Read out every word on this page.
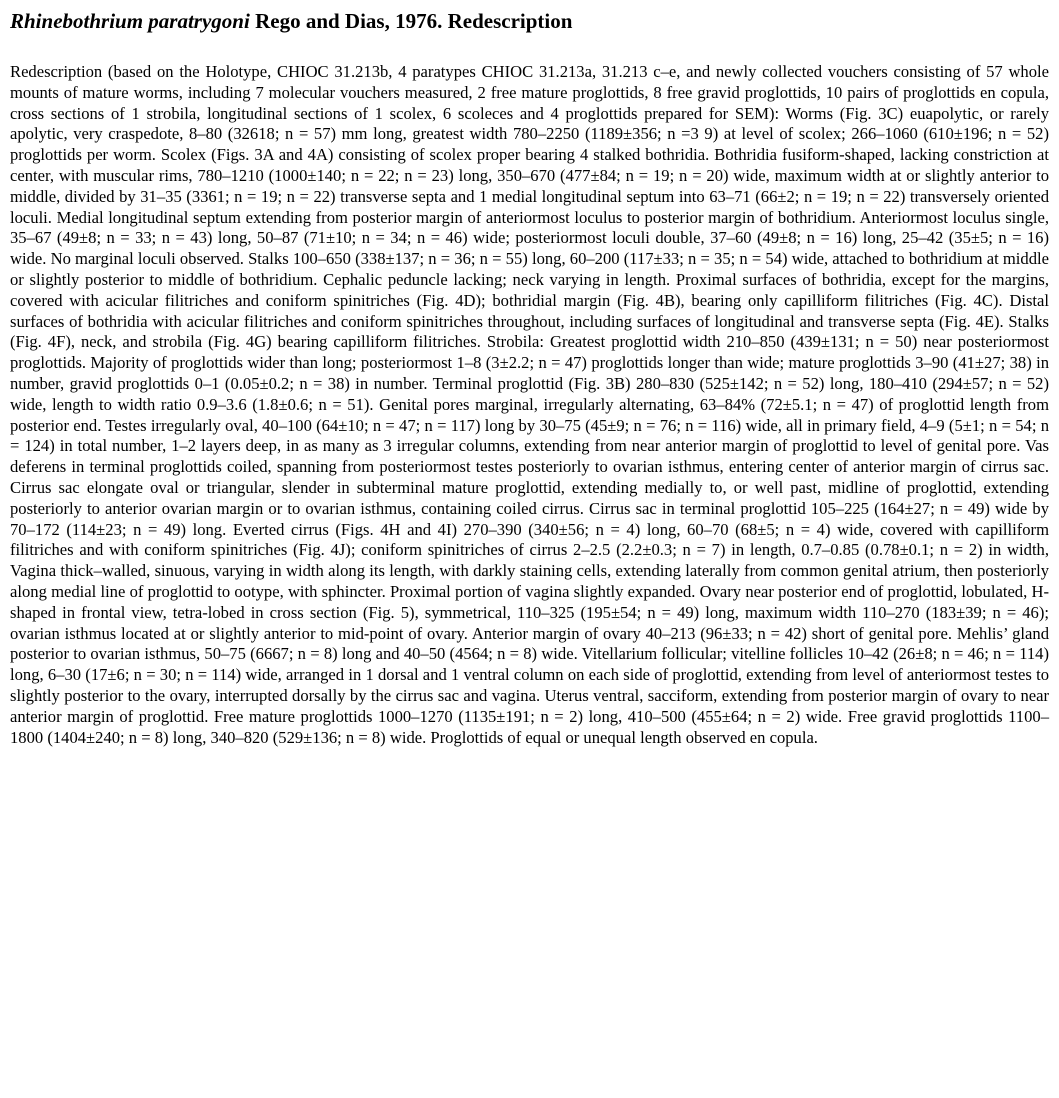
Rhinebothrium paratrygoni Rego and Dias, 1976. Redescription

Redescription (based on the Holotype, CHIOC 31.213b, 4 paratypes CHIOC 31.213a, 31.213 c–e, and newly collected vouchers consisting of 57 whole mounts of mature worms, including 7 molecular vouchers measured, 2 free mature proglottids, 8 free gravid proglottids, 10 pairs of proglottids en copula, cross sections of 1 strobila, longitudinal sections of 1 scolex, 6 scoleces and 4 proglottids prepared for SEM): Worms (Fig. 3C) euapolytic, or rarely apolytic, very craspedote, 8–80 (32618; n = 57) mm long, greatest width 780–2250 (1189±356; n =3 9) at level of scolex; 266–1060 (610±196; n = 52) proglottids per worm. Scolex (Figs. 3A and 4A) consisting of scolex proper bearing 4 stalked bothridia. Bothridia fusiform-shaped, lacking constriction at center, with muscular rims, 780–1210 (1000±140; n = 22; n = 23) long, 350–670 (477±84; n = 19; n = 20) wide, maximum width at or slightly anterior to middle, divided by 31–35 (3361; n = 19; n = 22) transverse septa and 1 medial longitudinal septum into 63–71 (66±2; n = 19; n = 22) transversely oriented loculi. Medial longitudinal septum extending from posterior margin of anteriormost loculus to posterior margin of bothridium. Anteriormost loculus single, 35–67 (49±8; n = 33; n = 43) long, 50–87 (71±10; n = 34; n = 46) wide; posteriormost loculi double, 37–60 (49±8; n = 16) long, 25–42 (35±5; n = 16) wide. No marginal loculi observed. Stalks 100–650 (338±137; n = 36; n = 55) long, 60–200 (117±33; n = 35; n = 54) wide, attached to bothridium at middle or slightly posterior to middle of bothridium. Cephalic peduncle lacking; neck varying in length. Proximal surfaces of bothridia, except for the margins, covered with acicular filitriches and coniform spinitriches (Fig. 4D); bothridial margin (Fig. 4B), bearing only capilliform filitriches (Fig. 4C). Distal surfaces of bothridia with acicular filitriches and coniform spinitriches throughout, including surfaces of longitudinal and transverse septa (Fig. 4E). Stalks (Fig. 4F), neck, and strobila (Fig. 4G) bearing capilliform filitriches. Strobila: Greatest proglottid width 210–850 (439±131; n = 50) near posteriormost proglottids. Majority of proglottids wider than long; posteriormost 1–8 (3±2.2; n = 47) proglottids longer than wide; mature proglottids 3–90 (41±27; 38) in number, gravid proglottids 0–1 (0.05±0.2; n = 38) in number. Terminal proglottid (Fig. 3B) 280–830 (525±142; n = 52) long, 180–410 (294±57; n = 52) wide, length to width ratio 0.9–3.6 (1.8±0.6; n = 51). Genital pores marginal, irregularly alternating, 63–84% (72±5.1; n = 47) of proglottid length from posterior end. Testes irregularly oval, 40–100 (64±10; n = 47; n = 117) long by 30–75 (45±9; n = 76; n = 116) wide, all in primary field, 4–9 (5±1; n = 54; n = 124) in total number, 1–2 layers deep, in as many as 3 irregular columns, extending from near anterior margin of proglottid to level of genital pore. Vas deferens in terminal proglottids coiled, spanning from posteriormost testes posteriorly to ovarian isthmus, entering center of anterior margin of cirrus sac. Cirrus sac elongate oval or triangular, slender in subterminal mature proglottid, extending medially to, or well past, midline of proglottid, extending posteriorly to anterior ovarian margin or to ovarian isthmus, containing coiled cirrus. Cirrus sac in terminal proglottid 105–225 (164±27; n = 49) wide by 70–172 (114±23; n = 49) long. Everted cirrus (Figs. 4H and 4I) 270–390 (340±56; n = 4) long, 60–70 (68±5; n = 4) wide, covered with capilliform filitriches and with coniform spinitriches (Fig. 4J); coniform spinitriches of cirrus 2–2.5 (2.2±0.3; n = 7) in length, 0.7–0.85 (0.78±0.1; n = 2) in width, Vagina thick–walled, sinuous, varying in width along its length, with darkly staining cells, extending laterally from common genital atrium, then posteriorly along medial line of proglottid to ootype, with sphincter. Proximal portion of vagina slightly expanded. Ovary near posterior end of proglottid, lobulated, H-shaped in frontal view, tetra-lobed in cross section (Fig. 5), symmetrical, 110–325 (195±54; n = 49) long, maximum width 110–270 (183±39; n = 46); ovarian isthmus located at or slightly anterior to mid-point of ovary. Anterior margin of ovary 40–213 (96±33; n = 42) short of genital pore. Mehlis’ gland posterior to ovarian isthmus, 50–75 (6667; n = 8) long and 40–50 (4564; n = 8) wide. Vitellarium follicular; vitelline follicles 10–42 (26±8; n = 46; n = 114) long, 6–30 (17±6; n = 30; n = 114) wide, arranged in 1 dorsal and 1 ventral column on each side of proglottid, extending from level of anteriormost testes to slightly posterior to the ovary, interrupted dorsally by the cirrus sac and vagina. Uterus ventral, sacciform, extending from posterior margin of ovary to near anterior margin of proglottid. Free mature proglottids 1000–1270 (1135±191; n = 2) long, 410–500 (455±64; n = 2) wide. Free gravid proglottids 1100–1800 (1404±240; n = 8) long, 340–820 (529±136; n = 8) wide. Proglottids of equal or unequal length observed en copula.
